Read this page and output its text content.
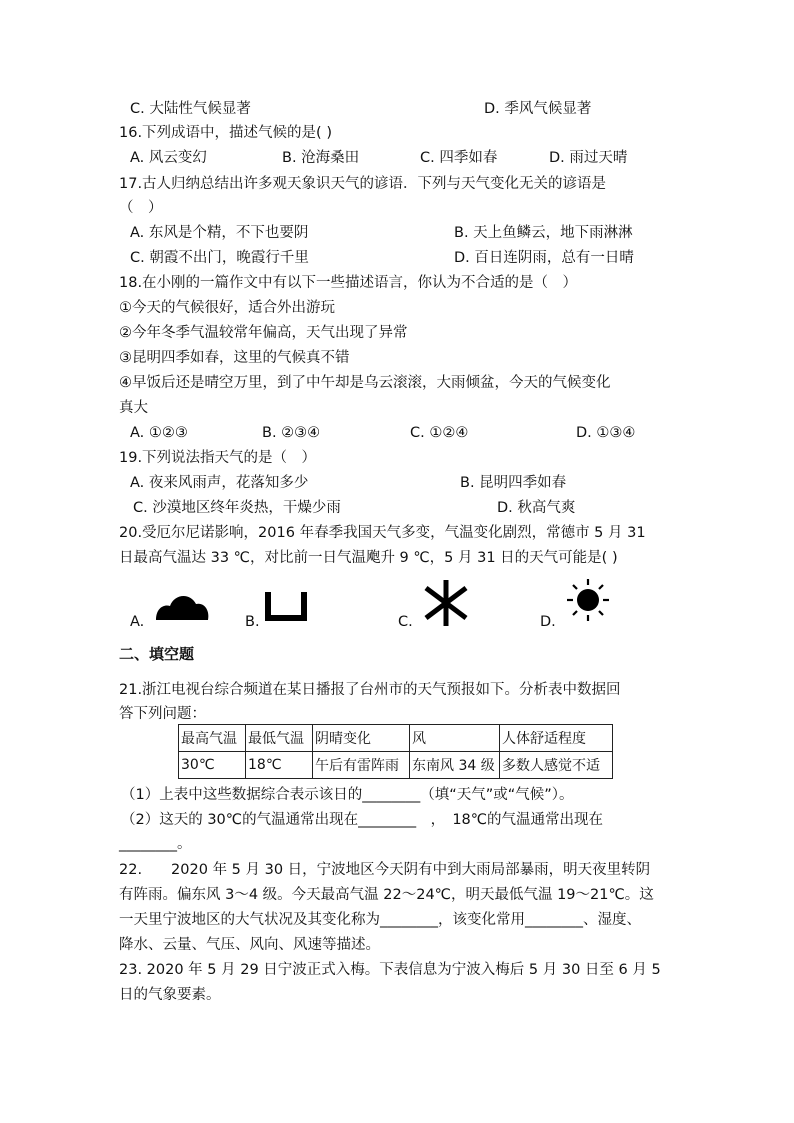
C. 大陆性气候显著	D. 季风气候显著
16.下列成语中，描述气候的是( )
A. 风云变幻	B. 沧海桑田	C. 四季如春	D. 雨过天晴
17.古人归纳总结出许多观天象识天气的谚语．下列与天气变化无关的谚语是
（　）
A. 东风是个精，不下也要阴	B. 天上鱼鳞云，地下雨淋淋
C. 朝霞不出门，晚霞行千里	D. 百日连阴雨，总有一日晴
18.在小刚的一篇作文中有以下一些描述语言，你认为不合适的是（　）
①今天的气候很好，适合外出游玩
②今年冬季气温较常年偏高，天气出现了异常
③昆明四季如春，这里的气候真不错
④早饭后还是晴空万里，到了中午却是乌云滚滚，大雨倾盆，今天的气候变化
真大
A. ①②③	B. ②③④	C. ①②④	D. ①③④
19.下列说法指天气的是（　）
A. 夜来风雨声，花落知多少	B. 昆明四季如春
C. 沙漠地区终年炎热，干燥少雨	D. 秋高气爽
20.受厄尔尼诺影响，2016 年春季我国天气多变，气温变化剧烈，常德市 5 月 31
日最高气温达 33 ℃，对比前一日气温飑升 9 ℃，5 月 31 日的天气可能是( )
A.	B.	C.	D.
二、填空题
21.浙江电视台综合频道在某日播报了台州市的天气预报如下。分析表中数据回
答下列问题：
最高气温	最低气温	阴晴变化	风	人体舒适程度
30℃	18℃	午后有雷阵雨	东南风 34 级	多数人感觉不适
（1）上表中这些数据综合表示该日的________（填“天气”或“气候”）。
（2）这天的 30℃的气温通常出现在________　，　18℃的气温通常出现在
________。
22.　　2020 年 5 月 30 日，宁波地区今天阴有中到大雨局部暴雨，明天夜里转阴
有阵雨。偏东风 3～4 级。今天最高气温 22～24℃，明天最低气温 19～21℃。这
一天里宁波地区的大气状况及其变化称为________，该变化常用________、湿度、
降水、云量、气压、风向、风速等描述。
23. 2020 年 5 月 29 日宁波正式入梅。下表信息为宁波入梅后 5 月 30 日至 6 月 5
日的气象要素。
